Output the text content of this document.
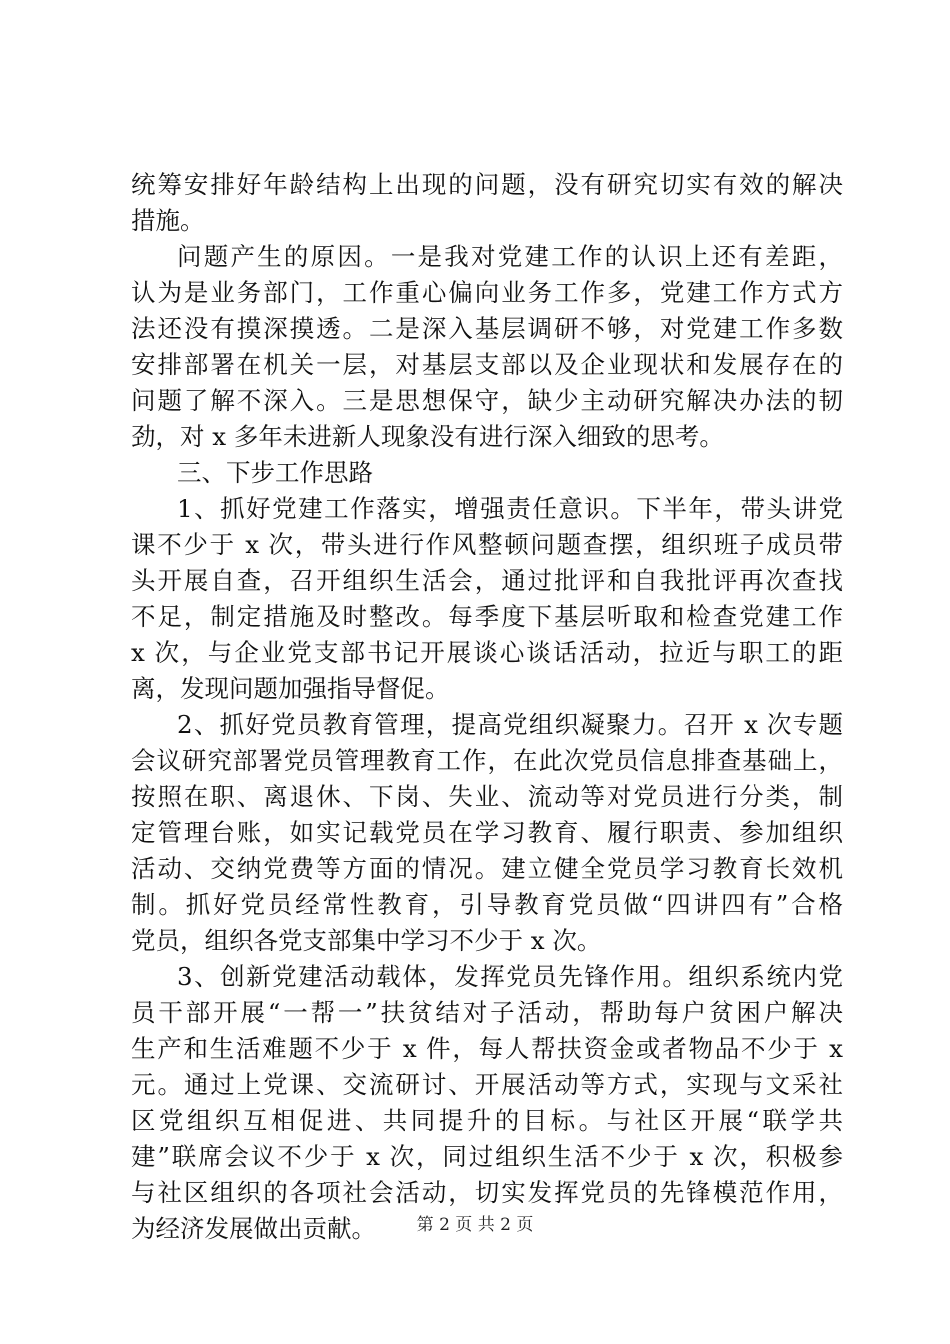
统筹安排好年龄结构上出现的问题，没有研究切实有效的解决
措施。
问题产生的原因。一是我对党建工作的认识上还有差距，
认为是业务部门，工作重心偏向业务工作多，党建工作方式方
法还没有摸深摸透。二是深入基层调研不够，对党建工作多数
安排部署在机关一层，对基层支部以及企业现状和发展存在的
问题了解不深入。三是思想保守，缺少主动研究解决办法的韧
劲，对 x 多年未进新人现象没有进行深入细致的思考。
三、下步工作思路
1、抓好党建工作落实，增强责任意识。下半年，带头讲党
课不少于 x 次，带头进行作风整顿问题查摆，组织班子成员带
头开展自查，召开组织生活会，通过批评和自我批评再次查找
不足，制定措施及时整改。每季度下基层听取和检查党建工作
x 次，与企业党支部书记开展谈心谈话活动，拉近与职工的距
离，发现问题加强指导督促。
2、抓好党员教育管理，提高党组织凝聚力。召开 x 次专题
会议研究部署党员管理教育工作，在此次党员信息排查基础上，
按照在职、离退休、下岗、失业、流动等对党员进行分类，制
定管理台账，如实记载党员在学习教育、履行职责、参加组织
活动、交纳党费等方面的情况。建立健全党员学习教育长效机
制。抓好党员经常性教育，引导教育党员做“四讲四有”合格
党员，组织各党支部集中学习不少于 x 次。
3、创新党建活动载体，发挥党员先锋作用。组织系统内党
员干部开展“一帮一”扶贫结对子活动，帮助每户贫困户解决
生产和生活难题不少于 x 件，每人帮扶资金或者物品不少于 x
元。通过上党课、交流研讨、开展活动等方式，实现与文采社
区党组织互相促进、共同提升的目标。与社区开展“联学共
建”联席会议不少于 x 次，同过组织生活不少于 x 次，积极参
与社区组织的各项社会活动，切实发挥党员的先锋模范作用，
为经济发展做出贡献。	第 2 页 共 2 页
